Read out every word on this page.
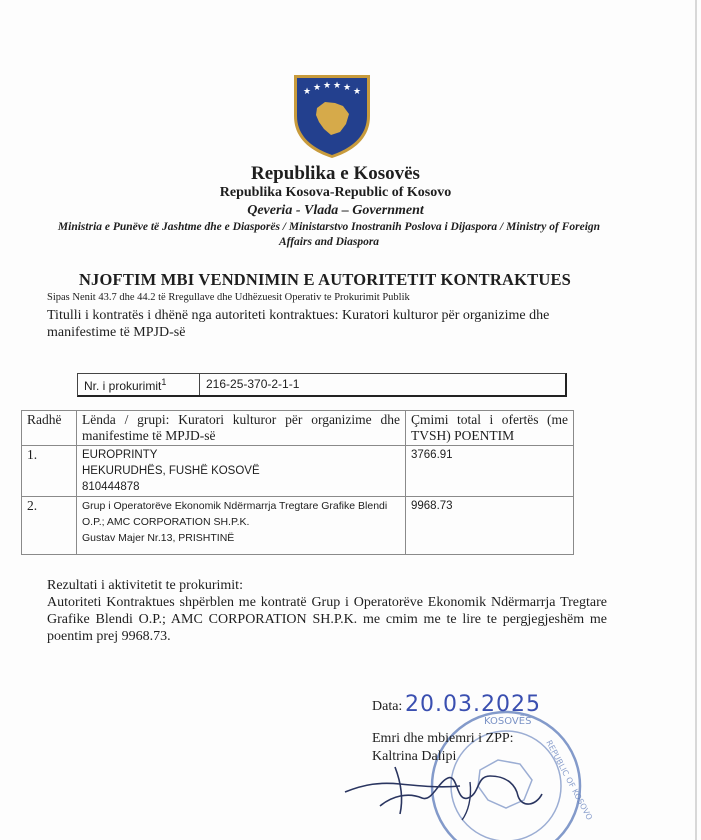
★ ★ ★ ★ ★ ★
Republika e Kosovës
Republika Kosova-Republic of Kosovo
Qeveria - Vlada – Government
Ministria e Punëve të Jashtme dhe e Diasporës / Ministarstvo Inostranih Poslova i Dijaspora / Ministry of Foreign Affairs and Diaspora
NJOFTIM MBI VENDNIMIN E AUTORITETIT KONTRAKTUES
Sipas Nenit 43.7 dhe 44.2 të Rregullave dhe Udhëzuesit Operativ te Prokurimit Publik
Titulli i kontratës i dhënë nga autoriteti kontraktues: Kuratori kulturor për organizime dhe manifestime të MPJD-së
Nr. i prokurimit$^1$	216-25-370-2-1-1
Radhë	Lënda / grupi: Kuratori kulturor për organizime dhe manifestime të MPJD-së	Çmimi total i ofertës (me TVSH) POENTIM
1.	EUROPRINTY
HEKURUDHËS, FUSHË KOSOVË
810444878	3766.91
2.	Grup i Operatorëve Ekonomik Ndërmarrja Tregtare Grafike Blendi O.P.; AMC CORPORATION SH.P.K.
Gustav Majer Nr.13, PRISHTINË	9968.73
Rezultati i aktivitetit te prokurimit:
Autoriteti Kontraktues shpërblen me kontratë Grup i Operatorëve Ekonomik Ndërmarrja Tregtare Grafike Blendi O.P.; AMC CORPORATION SH.P.K. me cmim me te lire te pergjegjeshëm me poentim prej 9968.73.
KOSOVËS
REPUBLIC OF KOSOVO
Data: 20.03.2025
Emri dhe mbiemri i ZPP:
Kaltrina Dalipi
